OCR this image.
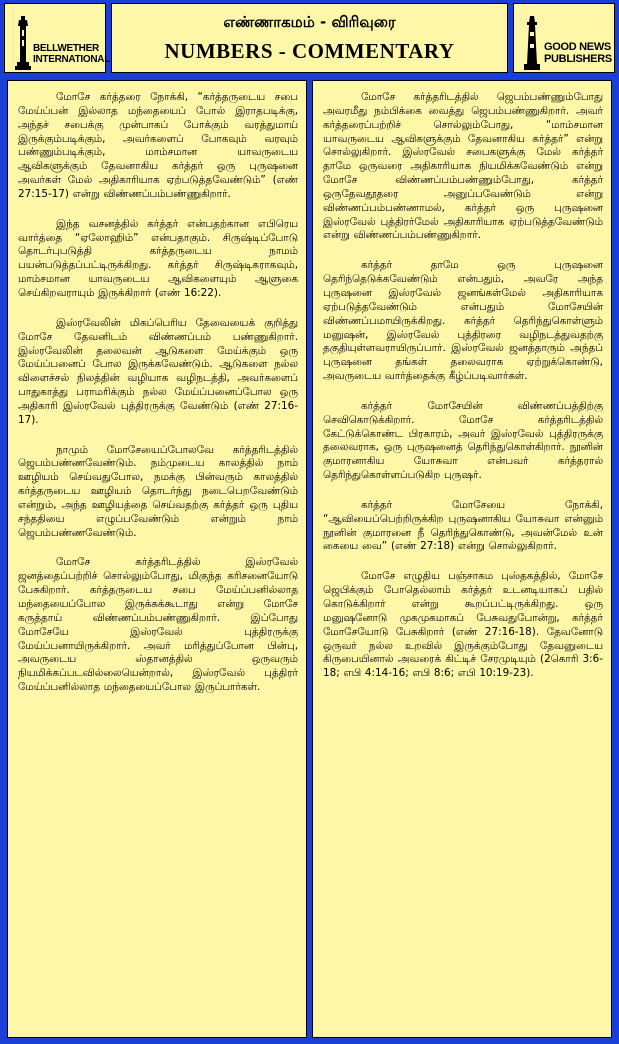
BELLWETHER
INTERNATIONAL
எண்ணாகமம் - விரிவுரை
NUMBERS - COMMENTARY	GOOD NEWS
PUBLISHERS

மோசே கர்த்தரை நோக்கி, “கர்த்தருடைய சபை மேய்ப்பன் இல்லாத மந்தையைப் போல் இராதபடிக்கு, அந்தச் சபைக்கு முன்பாகப் போக்கும் வரத்துமாய் இருக்கும்படிக்கும், அவர்களைப் போகவும் வரவும் பண்ணும்படிக்கும், மாம்சமான யாவருடைய ஆவிகளுக்கும் தேவனாகிய கர்த்தர் ஒரு புருஷனை அவர்கள் மேல் அதிகாரியாக ஏற்படுத்தவேண்டும்” (எண் 27:15-17) என்று விண்ணப்பம்பண்ணுகிறார்.

இந்த வசனத்தில் கர்த்தர் என்பதற்கான எபிரெய வார்த்தை “ஏலோஹிம்” என்பதாகும். சிருஷ்டிப்போடு தொடர்புபடுத்தி கர்த்தருடைய நாமம் பயன்படுத்தப்பட்டிருக்கிறது. கர்த்தர் சிருஷ்டிகராகவும், மாம்சமான யாவருடைய ஆவிகளையும் ஆளுகை செய்கிறவராயும் இருக்கிறார் (எண் 16:22).

இஸ்ரவேலின் மிகப்பெரிய தேவையைக் குறித்து மோசே தேவனிடம் விண்ணப்பம் பண்ணுகிறார். இஸ்ரவேலின் தலைவன் ஆடுகளை மேய்க்கும் ஒரு மேய்ப்பனைப் போல இருக்கவேண்டும். ஆடுகளை நல்ல விளைச்சல் நிலத்தின் வழியாக வழிநடத்தி, அவர்களைப் பாதுகாத்து பராமரிக்கும் நல்ல மேய்ப்பனைப்போல ஒரு அதிகாரி இஸ்ரவேல் புத்திரருக்கு வேண்டும் (எண் 27:16-17).

நாமும் மோசேயைப்போலவே கர்த்தரிடத்தில் ஜெபம்பண்ணவேண்டும். நம்முடைய காலத்தில் நாம் ஊழியம் செய்வதுபோல, நமக்கு பின்வரும் காலத்தில் கர்த்தருடைய ஊழியம் தொடர்ந்து நடைபெறவேண்டும் என்றும், அந்த ஊழியத்தை செய்வதற்கு கர்த்தர் ஒரு புதிய சந்ததியை எழுப்பவேண்டும் என்றும் நாம் ஜெபம்பண்ணவேண்டும்.

மோசே கர்த்தரிடத்தில் இஸ்ரவேல் ஜனத்தைப்பற்றிச் சொல்லும்போது, மிகுந்த கரிசனையோடு பேசுகிறார். கர்த்தருடைய சபை மேய்ப்பனில்லாத மந்தையைப்போல இருக்கக்கூடாது என்று மோசே கருத்தாய் விண்ணப்பம்பண்ணுகிறார். இப்போது மோசேயே இஸ்ரவேல் புத்திரருக்கு மேய்ப்பனாயிருக்கிறார். அவர் மரித்துப்போன பின்பு, அவருடைய ஸ்தானத்தில் ஒருவரும் நியமிக்கப்படவில்லையென்றால், இஸ்ரவேல் புத்திரர் மேய்ப்பனில்லாத மந்தையைப்போல இருப்பார்கள்.

மோசே கர்த்தரிடத்தில் ஜெபம்பண்ணும்போது அவரமீது நம்பிக்கை வைத்து ஜெபம்பண்ணுகிறார். அவர் கர்த்தரைப்பற்றிச் சொல்லும்போது, “மாம்சமான யாவருடைய ஆவிகளுக்கும் தேவனாகிய கர்த்தர்” என்று சொல்லுகிறார். இஸ்ரவேல் சபைகளுக்கு மேல் கர்த்தர் தாமே ஒருவரை அதிகாரியாக நியமிக்கவேண்டும் என்று மோசே விண்ணப்பம்பண்ணும்போது, கர்த்தர் ஒருதேவதூதரை அனுப்பவேண்டும் என்று விண்ணப்பம்பண்ணாமல், கர்த்தர் ஒரு புருஷனை இஸ்ரவேல் புத்திரர்மேல் அதிகாரியாக ஏற்படுத்தவேண்டும் என்று விண்ணப்பம்பண்ணுகிறார்.

கர்த்தர் தாமே ஒரு புருஷனை தெரிந்தெடுக்கவேண்டும் என்பதும், அவரே அந்த புருஷனை இஸ்ரவேல் ஜனங்கள்மேல் அதிகாரியாக ஏற்படுத்தவேண்டும் என்பதும் மோசேயின் விண்ணப்பமாயிருக்கிறது. கர்த்தர் தெரிந்துகொள்ளும் மனுஷன், இஸ்ரவேல் புத்திரரை வழிநடத்துவதற்கு தகுதியுள்ளவராயிருப்பார். இஸ்ரவேல் ஜனத்தாரும் அந்தப் புருஷனை தங்கள் தலைவராக ஏற்றுக்கொண்டு, அவருடைய வார்த்தைக்கு கீழ்ப்படிவார்கள்.

கர்த்தர் மோசேயின் விண்ணப்பத்திற்கு செவிகொடுக்கிறார். மோசே கர்த்தரிடத்தில் கேட்டுக்கொண்ட பிரகாரம், அவர் இஸ்ரவேல் புத்திரருக்கு தலைவராக, ஒரு புருஷனைத் தெரிந்துகொள்கிறார். நூனின் குமாரனாகிய யோசுவா என்பவர் கர்த்தரால் தெரிந்துகொள்ளப்படுகிற புருஷர்.

கர்த்தர் மோசேயை நோக்கி, “ஆவியைப்பெற்றிருக்கிற புருஷனாகிய யோசுவா என்னும் நூனின் குமாரனை நீ தெரிந்துகொண்டு, அவன்மேல் உன் கையை வை” (எண் 27:18) என்று சொல்லுகிறார்.

மோசே எழுதிய பஞ்சாகம புஸ்தகத்தில், மோசே ஜெபிக்கும் போதெல்லாம் கர்த்தர் உடனடியாகப் பதில் கொடுக்கிறார் என்று கூறப்பட்டிருக்கிறது. ஒரு மனுஷனோடு முகமுகமாகப் பேசுவதுபோன்று, கர்த்தர் மோசேயோடு பேசுகிறார் (எண் 27:16-18). தேவனோடு ஒருவர் நல்ல உறவில் இருக்கும்போது தேவனுடைய கிருபையினால் அவரைக் கிட்டிச் சேரமுடியும் (2கொரி 3:6-18; எபி 4:14-16; எபி 8:6; எபி 10:19-23).
